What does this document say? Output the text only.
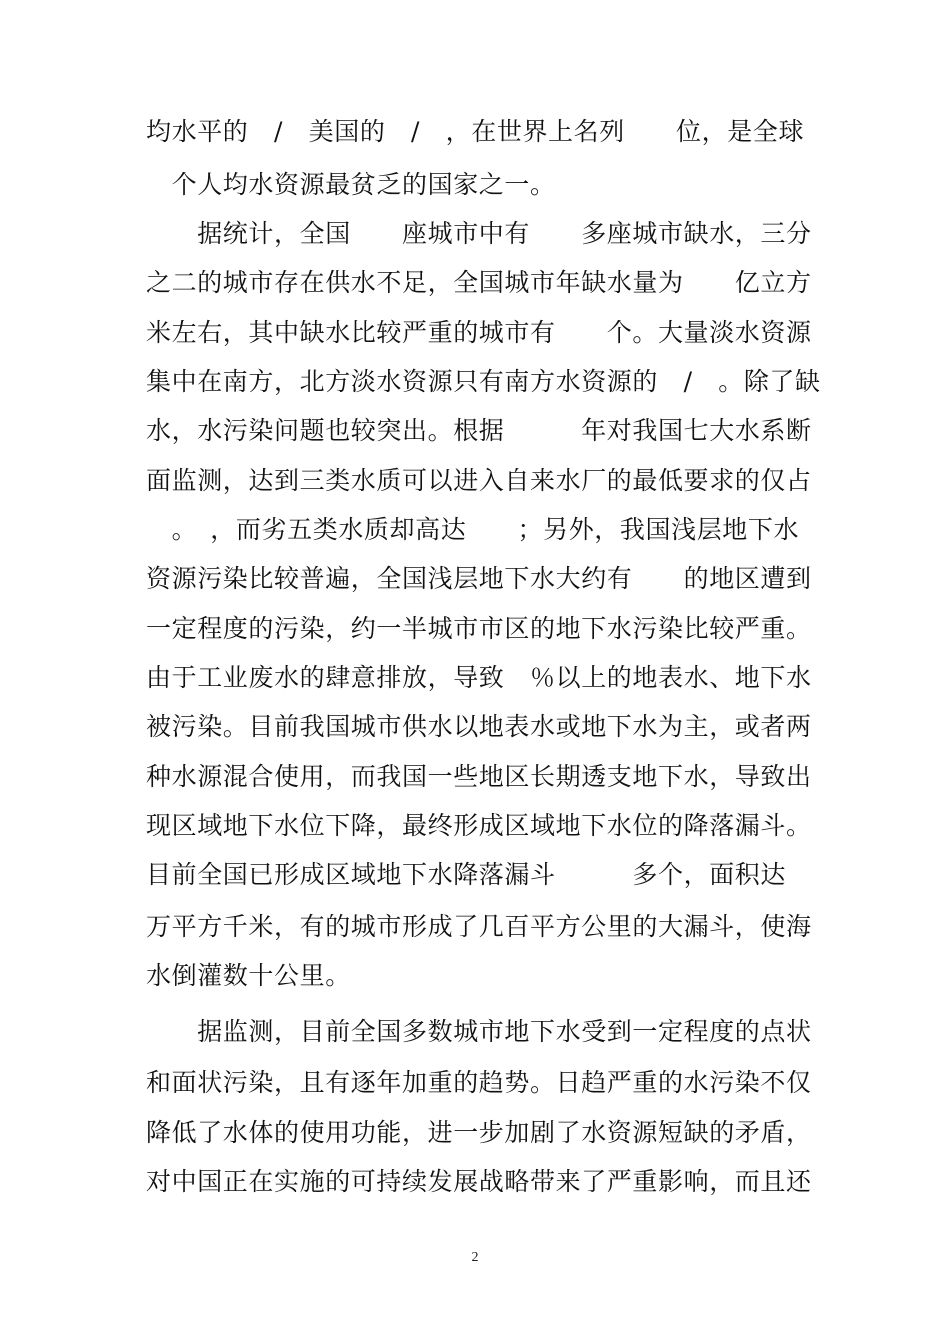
均水平的　/　美国的　/　，在世界上名列　　位，是全球
　个人均水资源最贫乏的国家之一。
　　据统计，全国　　座城市中有　　多座城市缺水，三分
之二的城市存在供水不足，全国城市年缺水量为　　亿立方
米左右，其中缺水比较严重的城市有　　个。大量淡水资源
集中在南方，北方淡水资源只有南方水资源的　/　。除了缺
水，水污染问题也较突出。根据　　　年对我国七大水系断
面监测，达到三类水质可以进入自来水厂的最低要求的仅占
　。　，而劣五类水质却高达　　；另外，我国浅层地下水
资源污染比较普遍，全国浅层地下水大约有　　的地区遭到
一定程度的污染，约一半城市市区的地下水污染比较严重。
由于工业废水的肆意排放，导致　％以上的地表水、地下水
被污染。目前我国城市供水以地表水或地下水为主，或者两
种水源混合使用，而我国一些地区长期透支地下水，导致出
现区域地下水位下降，最终形成区域地下水位的降落漏斗。
目前全国已形成区域地下水降落漏斗　　　多个，面积达
万平方千米，有的城市形成了几百平方公里的大漏斗，使海
水倒灌数十公里。
　　据监测，目前全国多数城市地下水受到一定程度的点状
和面状污染，且有逐年加重的趋势。日趋严重的水污染不仅
降低了水体的使用功能，进一步加剧了水资源短缺的矛盾，
对中国正在实施的可持续发展战略带来了严重影响，而且还
2
